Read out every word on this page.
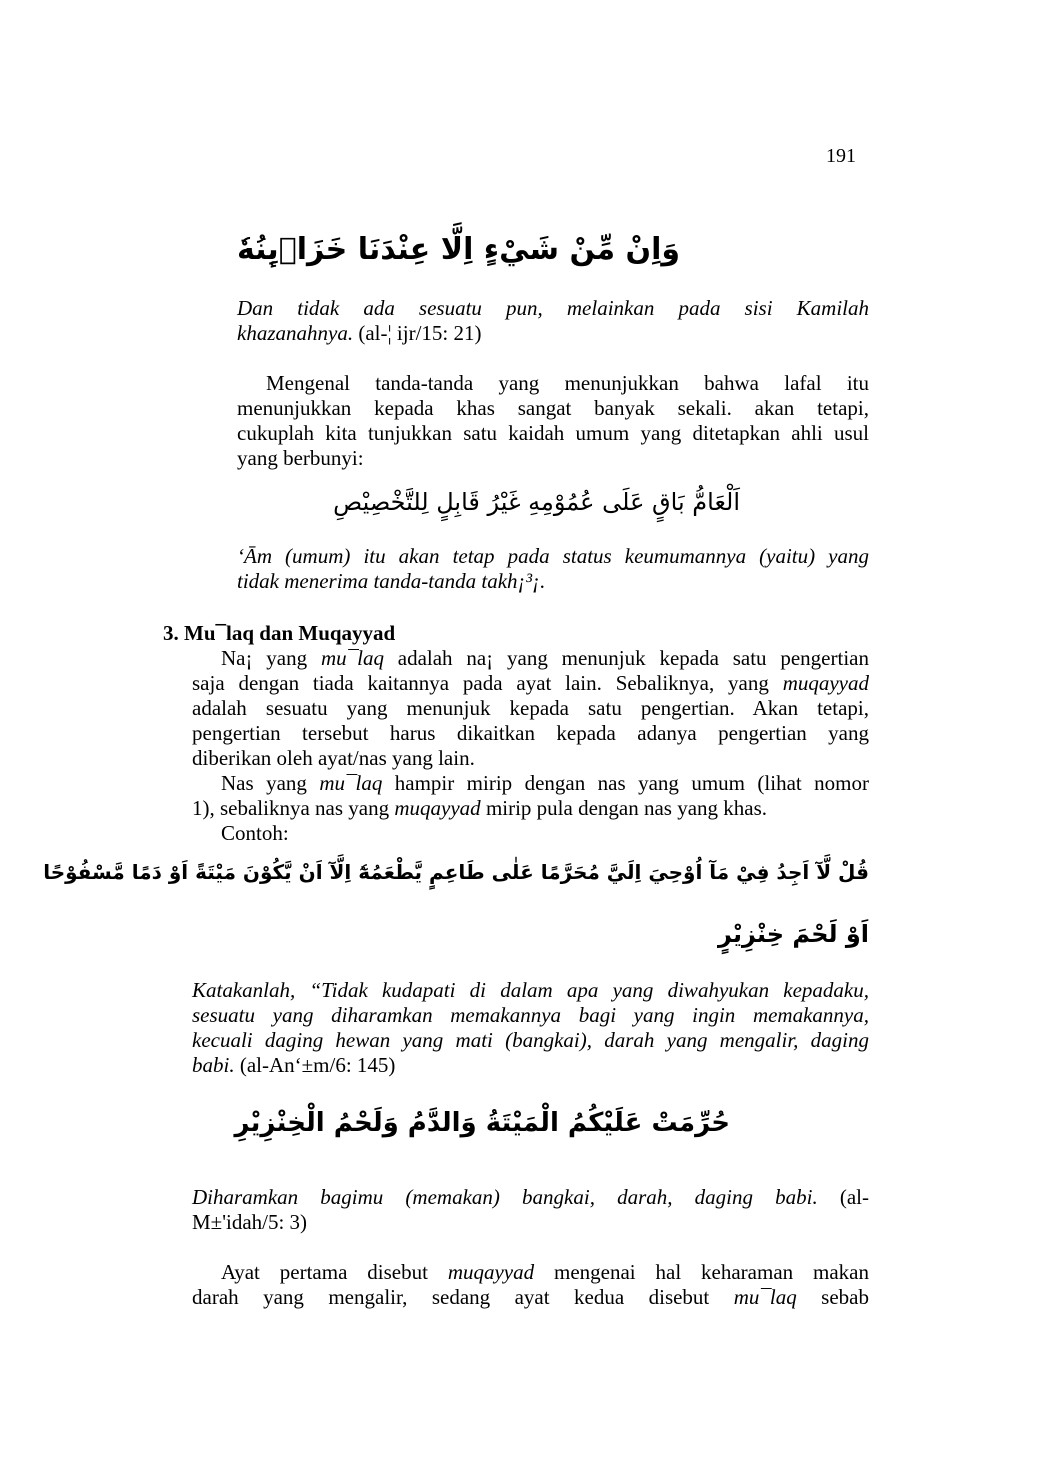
191
وَاِنْ مِّنْ شَيْءٍ اِلَّا عِنْدَنَا خَزَاۤىِٕنُهٗ

Dan tidak ada sesuatu pun, melainkan pada sisi Kamilah

khazanahnya. (al-¦ ijr/15: 21)

Mengenal tanda-tanda yang menunjukkan bahwa lafal itu

menunjukkan kepada khas sangat banyak sekali. akan tetapi,

cukuplah kita tunjukkan satu kaidah umum yang ditetapkan ahli usul

yang berbunyi:

اَلْعَامُّ بَاقٍ عَلَى عُمُوْمِهِ غَيْرُ قَابِلٍ لِلتَّخْصِيْصِ

‘Ām (umum) itu akan tetap pada status keumumannya (yaitu) yang

tidak menerima tanda-tanda takh¡³¡.

3. Mu¯laq dan Muqayyad

Na¡ yang mu¯laq adalah na¡ yang menunjuk kepada satu pengertian

saja dengan tiada kaitannya pada ayat lain. Sebaliknya, yang muqayyad

adalah sesuatu yang menunjuk kepada satu pengertian. Akan tetapi,

pengertian tersebut harus dikaitkan kepada adanya pengertian yang

diberikan oleh ayat/nas yang lain.

Nas yang mu¯laq hampir mirip dengan nas yang umum (lihat nomor

1), sebaliknya nas yang muqayyad mirip pula dengan nas yang khas.

Contoh:

قُلْ لَّآ اَجِدُ فِيْ مَآ اُوْحِيَ اِلَيَّ مُحَرَّمًا عَلٰى طَاعِمٍ يَّطْعَمُهٗٓ اِلَّآ اَنْ يَّكُوْنَ مَيْتَةً اَوْ دَمًا مَّسْفُوْحًا
اَوْ لَحْمَ خِنْزِيْرٍ

Katakanlah, “Tidak kudapati di dalam apa yang diwahyukan kepadaku,

sesuatu yang diharamkan memakannya bagi yang ingin memakannya,

kecuali daging hewan yang mati (bangkai), darah yang mengalir, daging

babi. (al-An‘±m/6: 145)

حُرِّمَتْ عَلَيْكُمُ الْمَيْتَةُ وَالدَّمُ وَلَحْمُ الْخِنْزِيْرِ

Diharamkan bagimu (memakan) bangkai, darah, daging babi. (al-

M±'idah/5: 3)

Ayat pertama disebut muqayyad mengenai hal keharaman makan

darah yang mengalir, sedang ayat kedua disebut mu¯laq sebab
